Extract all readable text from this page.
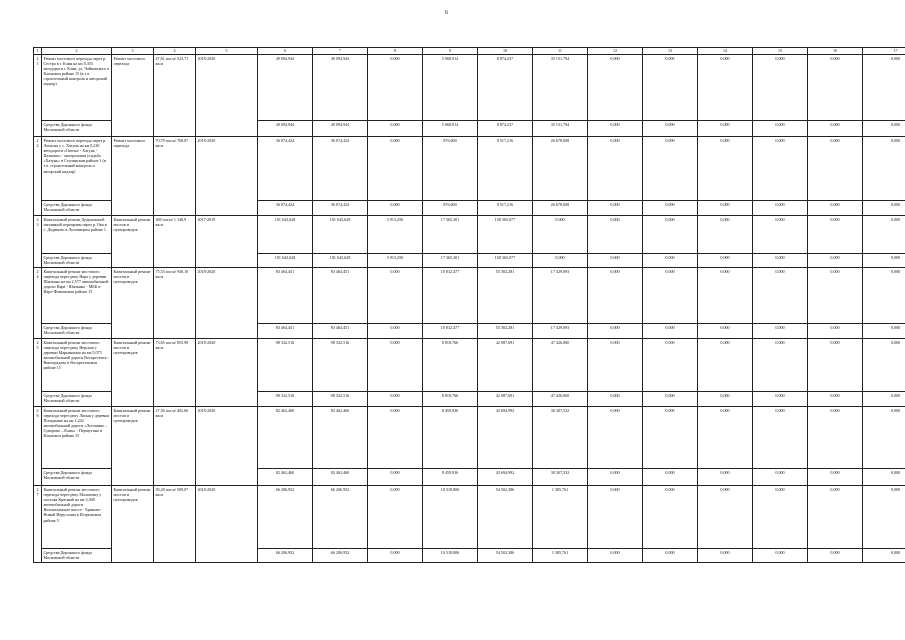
6
1	2	3	4	5	6	7	8	9	10	11	12	13	14	15	16	17
21	Ремонт мостового перехода через р. Сестра в г. Клин на км 0,355 автодороги г. Клин, ул. Чайковского в Клинском районе 15 (в т.ч. строительный контроль и авторский надзор)	Ремонт мостового перехода	47,61 пог.м/ 523,71 кв.м	2018-2020	49 094,944	49 094,944	0,000	5 068,914	8 874,237	35 151,794	0,000	0,000	0,000	0,000	0,000	0,000
	Средства Дорожного фонда Московской области				49 094,944	49 094,944	0,000	5 068,914	8 874,237	35 151,794	0,000	0,000	0,000	0,000	0,000	0,000
22	Ремонт мостового перехода через р. Лопасня у с. Хатунь на км 0,230 автодороги «Ополье - Хатунь - Палкино» - центральная усадьба «Хатунь» в Ступинском районе 1 (в т.ч. строительный контроль и авторский надзор)	Ремонт мостового перехода	70,79 пог.м/ 768,07 кв.м	2018-2020	36 074,424	36 074,424	0,000	876,600	8 517,216	26 678,608	0,000	0,000	0,000	0,000	0,000	0,000
	Средства Дорожного фонда Московской области				36 074,424	36 074,424	0,000	876,600	8 517,216	26 678,608	0,000	0,000	0,000	0,000	0,000	0,000
23	Капитальный ремонт Дединовской наплавной переправы через р. Ока в с. Дединово в Луховицком районе 1	Капитальный ремонт мостов и путепроводов	300 пог.м/ 1 140,9 кв.м	2017-2019	181 643,628	181 643,628	5 913,250	17 365,301	158 365,077	0,000	0,000	0,000	0,000	0,000	0,000	0,000
	Средства Дорожного фонда Московской области				181 643,628	181 643,628	5 913,250	17 365,301	158 365,077	0,000	0,000	0,000	0,000	0,000	0,000	0,000
24	Капитальный ремонт мостового перехода через реку Нара у деревни Шапкино на км 2,577 автомобильной дороги Нара - Шапкино - МБК в Наро-Фоминском районе 15	Капитальный ремонт мостов и путепроводов	75,53 пог.м/ 940,10 кв.м	2018-2020	83 464,451	83 464,451	0,000	10 832,477	55 302,281	17 329,693	0,000	0,000	0,000	0,000	0,000	0,000
	Средства Дорожного фонда Московской области				83 464,451	83 464,451	0,000	10 832,477	55 302,281	17 329,693	0,000	0,000	0,000	0,000	0,000	0,000
25	Капитальный ремонт мостового перехода через реку Нерская у деревни Марьинкино на км 5,075 автомобильной дороги Воскресенск - Виноградово в Воскресенском районе 15	Капитальный ремонт мостов и путепроводов	73,65 пог.м/ 855,90 кв.м	2018-2020	98 332,516	98 332,516	0,000	8 818,766	42 087,691	47 426,060	0,000	0,000	0,000	0,000	0,000	0,000
	Средства Дорожного фонда Московской области				98 332,516	98 332,516	0,000	8 818,766	42 087,691	47 426,060	0,000	0,000	0,000	0,000	0,000	0,000
26	Капитальный ремонт мостового перехода через реку Липня у деревни Попадьино на км 1,242 автомобильной дороги «Лотошино – Суворово – Клин» - Першутино в Клинском районе 15	Капитальный ремонт мостов и путепроводов	27,56 пог.м/ 402,66 кв.м	2018-2020	82 462,460	82 462,460	0,000	8 459,936	43 694,992	30 307,532	0,000	0,000	0,000	0,000	0,000	0,000
	Средства Дорожного фонда Московской области				82 462,460	82 462,460	0,000	8 459,936	43 694,992	30 307,532	0,000	0,000	0,000	0,000	0,000	0,000
27	Капитальный ремонт мостового перехода через реку Малаговку у поселка Красный на км 3,300 автомобильной дороги Волоколамское шоссе - Брыково - Новый Иерусалим в Истринском районе 5	Капитальный ремонт мостов и путепроводов	39,28 пог.м/ 509,07 кв.м	2018-2020	66 206,952	66 206,952	0,000	10 318,806	54 502,386	1 385,761	0,000	0,000	0,000	0,000	0,000	0,000
	Средства Дорожного фонда Московской области				66 206,952	66 206,952	0,000	10 318,806	54 502,386	1 385,761	0,000	0,000	0,000	0,000	0,000	0,000
